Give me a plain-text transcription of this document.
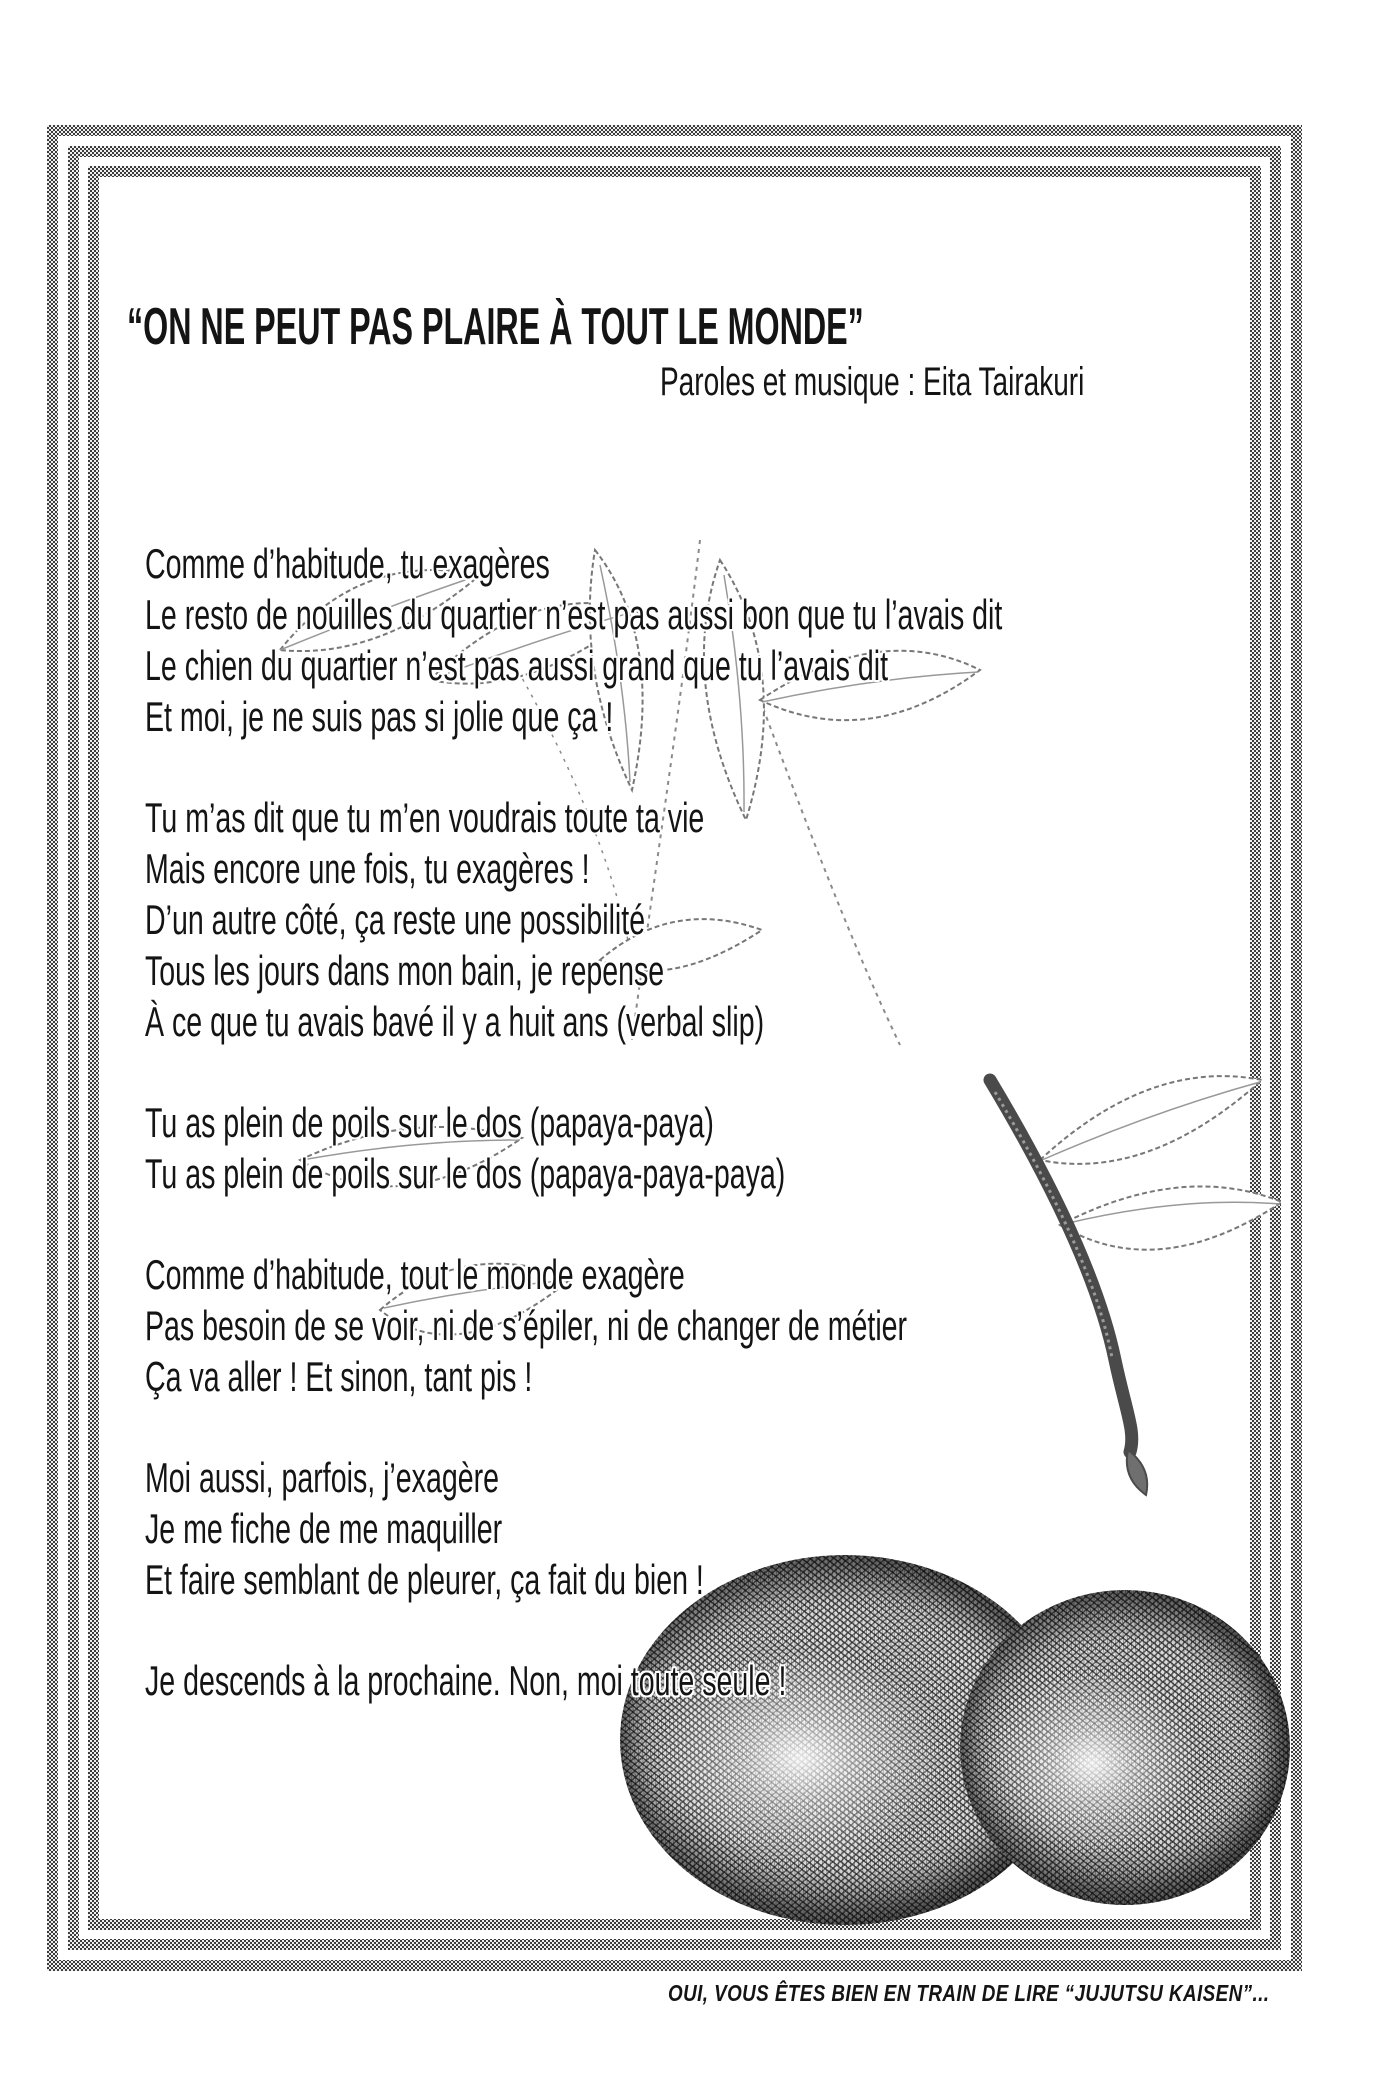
“ON NE PEUT PAS PLAIRE À TOUT LE MONDE”
Paroles et musique : Eita Tairakuri

Comme d’habitude, tu exagères

Le resto de nouilles du quartier n’est pas aussi bon que tu l’avais dit

Le chien du quartier n’est pas aussi grand que tu l’avais dit

Et moi, je ne suis pas si jolie que ça !

Tu m’as dit que tu m’en voudrais toute ta vie

Mais encore une fois, tu exagères !

D’un autre côté, ça reste une possibilité

Tous les jours dans mon bain, je repense

À ce que tu avais bavé il y a huit ans (verbal slip)

Tu as plein de poils sur le dos (papaya-paya)

Tu as plein de poils sur le dos (papaya-paya-paya)

Comme d’habitude, tout le monde exagère

Pas besoin de se voir, ni de s’épiler, ni de changer de métier

Ça va aller ! Et sinon, tant pis !

Moi aussi, parfois, j’exagère

Je me fiche de me maquiller

Et faire semblant de pleurer, ça fait du bien !

Je descends à la prochaine. Non, moi toute seule !

OUI, VOUS ÊTES BIEN EN TRAIN DE LIRE “JUJUTSU KAISEN”...
